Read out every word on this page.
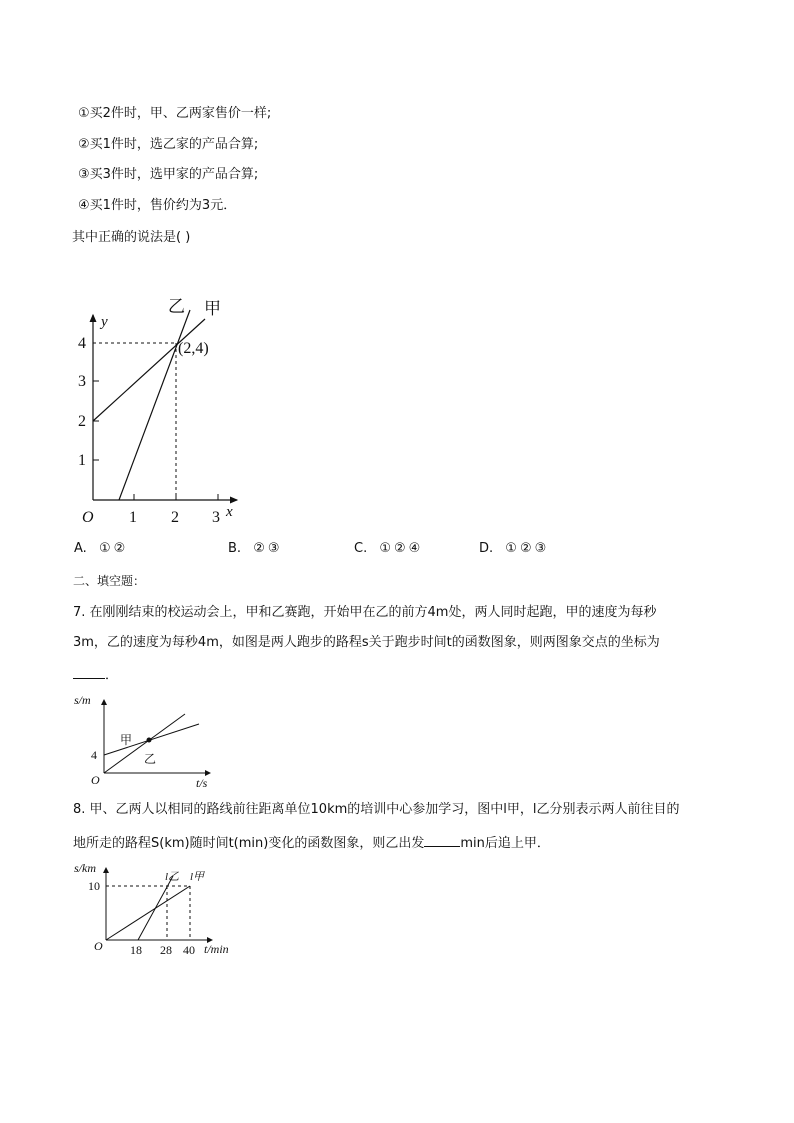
①买2件时，甲、乙两家售价一样;
②买1件时，选乙家的产品合算;
③买3件时，选甲家的产品合算;
④买1件时，售价约为3元．
其中正确的说法是( )
y
x
O 1 2 3
1
2
3
4	(2,4)
乙 甲
A. ①②	B. ②③	C. ①②④	D. ①②③
二、填空题：
7. 在刚刚结束的校运动会上，甲和乙赛跑，开始甲在乙的前方4m处，两人同时起跑，甲的速度为每秒
3m，乙的速度为每秒4m，如图是两人跑步的路程s关于跑步时间t的函数图象，则两图象交点的坐标为
．
s/m
t/s
O
4
甲
乙
8. 甲、乙两人以相同的路线前往距离单位10km的培训中心参加学习，图中l甲，l乙分别表示两人前往目的
地所走的路程S(km)随时间t(min)变化的函数图象，则乙出发	min后追上甲．
s/km
t/min
O
10
18 28 40
l乙 l甲
